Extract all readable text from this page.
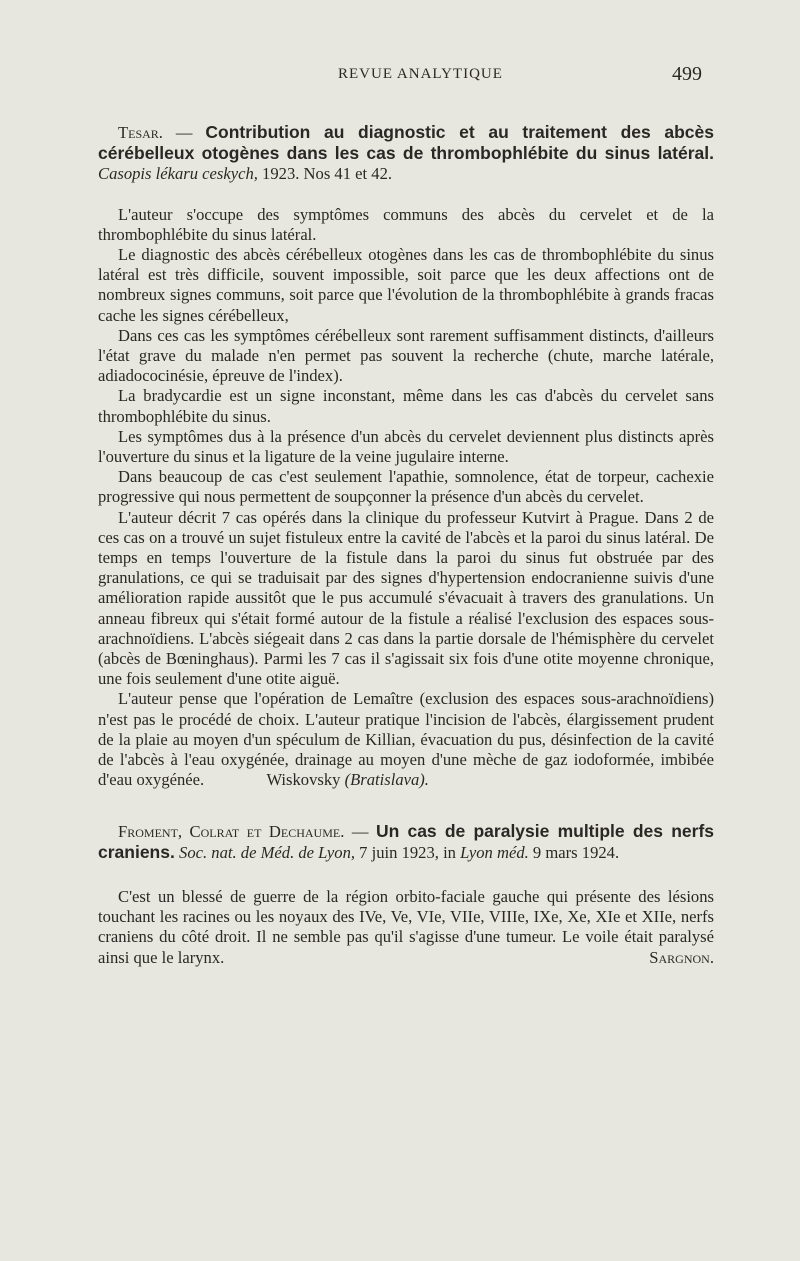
REVUE ANALYTIQUE	499

Tesar. — Contribution au diagnostic et au traitement des abcès cérébelleux otogènes dans les cas de thrombophlébite du sinus latéral. Casopis lékaru ceskych, 1923. Nos 41 et 42.

L'auteur s'occupe des symptômes communs des abcès du cervelet et de la thrombophlébite du sinus latéral.

Le diagnostic des abcès cérébelleux otogènes dans les cas de thrombophlébite du sinus latéral est très difficile, souvent impossible, soit parce que les deux affections ont de nombreux signes communs, soit parce que l'évolution de la thrombophlébite à grands fracas cache les signes cérébelleux,

Dans ces cas les symptômes cérébelleux sont rarement suffisamment distincts, d'ailleurs l'état grave du malade n'en permet pas souvent la recherche (chute, marche latérale, adiadococinésie, épreuve de l'index).

La bradycardie est un signe inconstant, même dans les cas d'abcès du cervelet sans thrombophlébite du sinus.

Les symptômes dus à la présence d'un abcès du cervelet deviennent plus distincts après l'ouverture du sinus et la ligature de la veine jugulaire interne.

Dans beaucoup de cas c'est seulement l'apathie, somnolence, état de torpeur, cachexie progressive qui nous permettent de soupçonner la présence d'un abcès du cervelet.

L'auteur décrit 7 cas opérés dans la clinique du professeur Kutvirt à Prague. Dans 2 de ces cas on a trouvé un sujet fistuleux entre la cavité de l'abcès et la paroi du sinus latéral. De temps en temps l'ouverture de la fistule dans la paroi du sinus fut obstruée par des granulations, ce qui se traduisait par des signes d'hypertension endocranienne suivis d'une amélioration rapide aussitôt que le pus accumulé s'évacuait à travers des granulations. Un anneau fibreux qui s'était formé autour de la fistule a réalisé l'exclusion des espaces sous-arachnoïdiens. L'abcès siégeait dans 2 cas dans la partie dorsale de l'hémisphère du cervelet (abcès de Bœninghaus). Parmi les 7 cas il s'agissait six fois d'une otite moyenne chronique, une fois seulement d'une otite aiguë.

L'auteur pense que l'opération de Lemaître (exclusion des espaces sous-arachnoïdiens) n'est pas le procédé de choix. L'auteur pratique l'incision de l'abcès, élargissement prudent de la plaie au moyen d'un spéculum de Killian, évacuation du pus, désinfection de la cavité de l'abcès à l'eau oxygénée, drainage au moyen d'une mèche de gaz iodoformée, imbibée d'eau oxygénée.	Wiskovsky (Bratislava).

Froment, Colrat et Dechaume. — Un cas de paralysie multiple des nerfs craniens. Soc. nat. de Méd. de Lyon, 7 juin 1923, in Lyon méd. 9 mars 1924.

C'est un blessé de guerre de la région orbito-faciale gauche qui présente des lésions touchant les racines ou les noyaux des IVe, Ve, VIe, VIIe, VIIIe, IXe, Xe, XIe et XIIe, nerfs craniens du côté droit. Il ne semble pas qu'il s'agisse d'une tumeur. Le voile était paralysé ainsi que le larynx.	Sargnon.
